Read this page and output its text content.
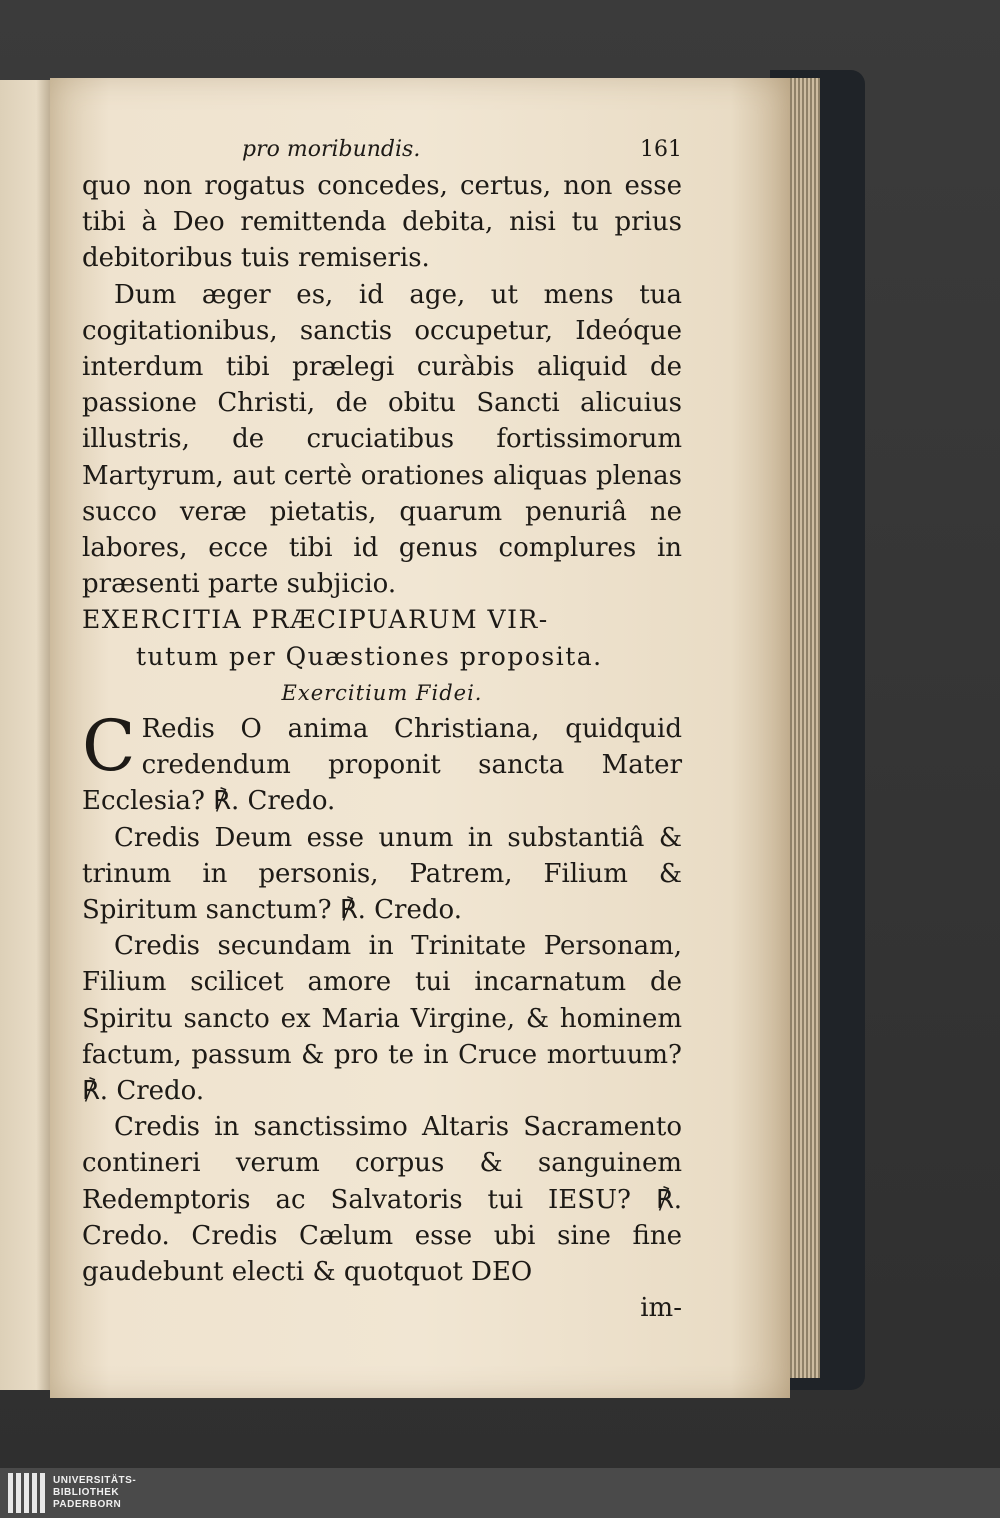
pro moribundis.	161

quo non rogatus concedes, certus, non esse tibi à Deo remittenda debita, nisi tu prius debitoribus tuis remiseris.

Dum æger es, id age, ut mens tua cogitationibus, sanctis occupetur, Ideóque interdum tibi prælegi curàbis aliquid de passione Christi, de obitu Sancti alicuius illustris, de cruciatibus fortissimorum Martyrum, aut certè orationes aliquas plenas succo veræ pietatis, quarum penuriâ ne labores, ecce tibi id genus complures in præsenti parte subjicio.

EXERCITIA PRÆCIPUARUM VIR-
tutum per Quæstiones proposita.

Exercitium Fidei.

C Redis O anima Christiana, quidquid credendum proponit sancta Mater Ecclesia? ℟. Credo.

Credis Deum esse unum in substantiâ & trinum in personis, Patrem, Filium & Spiritum sanctum? ℟. Credo.

Credis secundam in Trinitate Personam, Filium scilicet amore tui incarnatum de Spiritu sancto ex Maria Virgine, & hominem factum, passum & pro te in Cruce mortuum? ℟. Credo.

Credis in sanctissimo Altaris Sacramento contineri verum corpus & sanguinem Redemptoris ac Salvatoris tui IESU? ℟. Credo. Credis Cælum esse ubi sine fine gaudebunt electi & quotquot DEO

im-

UNIVERSITÄTS-
BIBLIOTHEK
PADERBORN
